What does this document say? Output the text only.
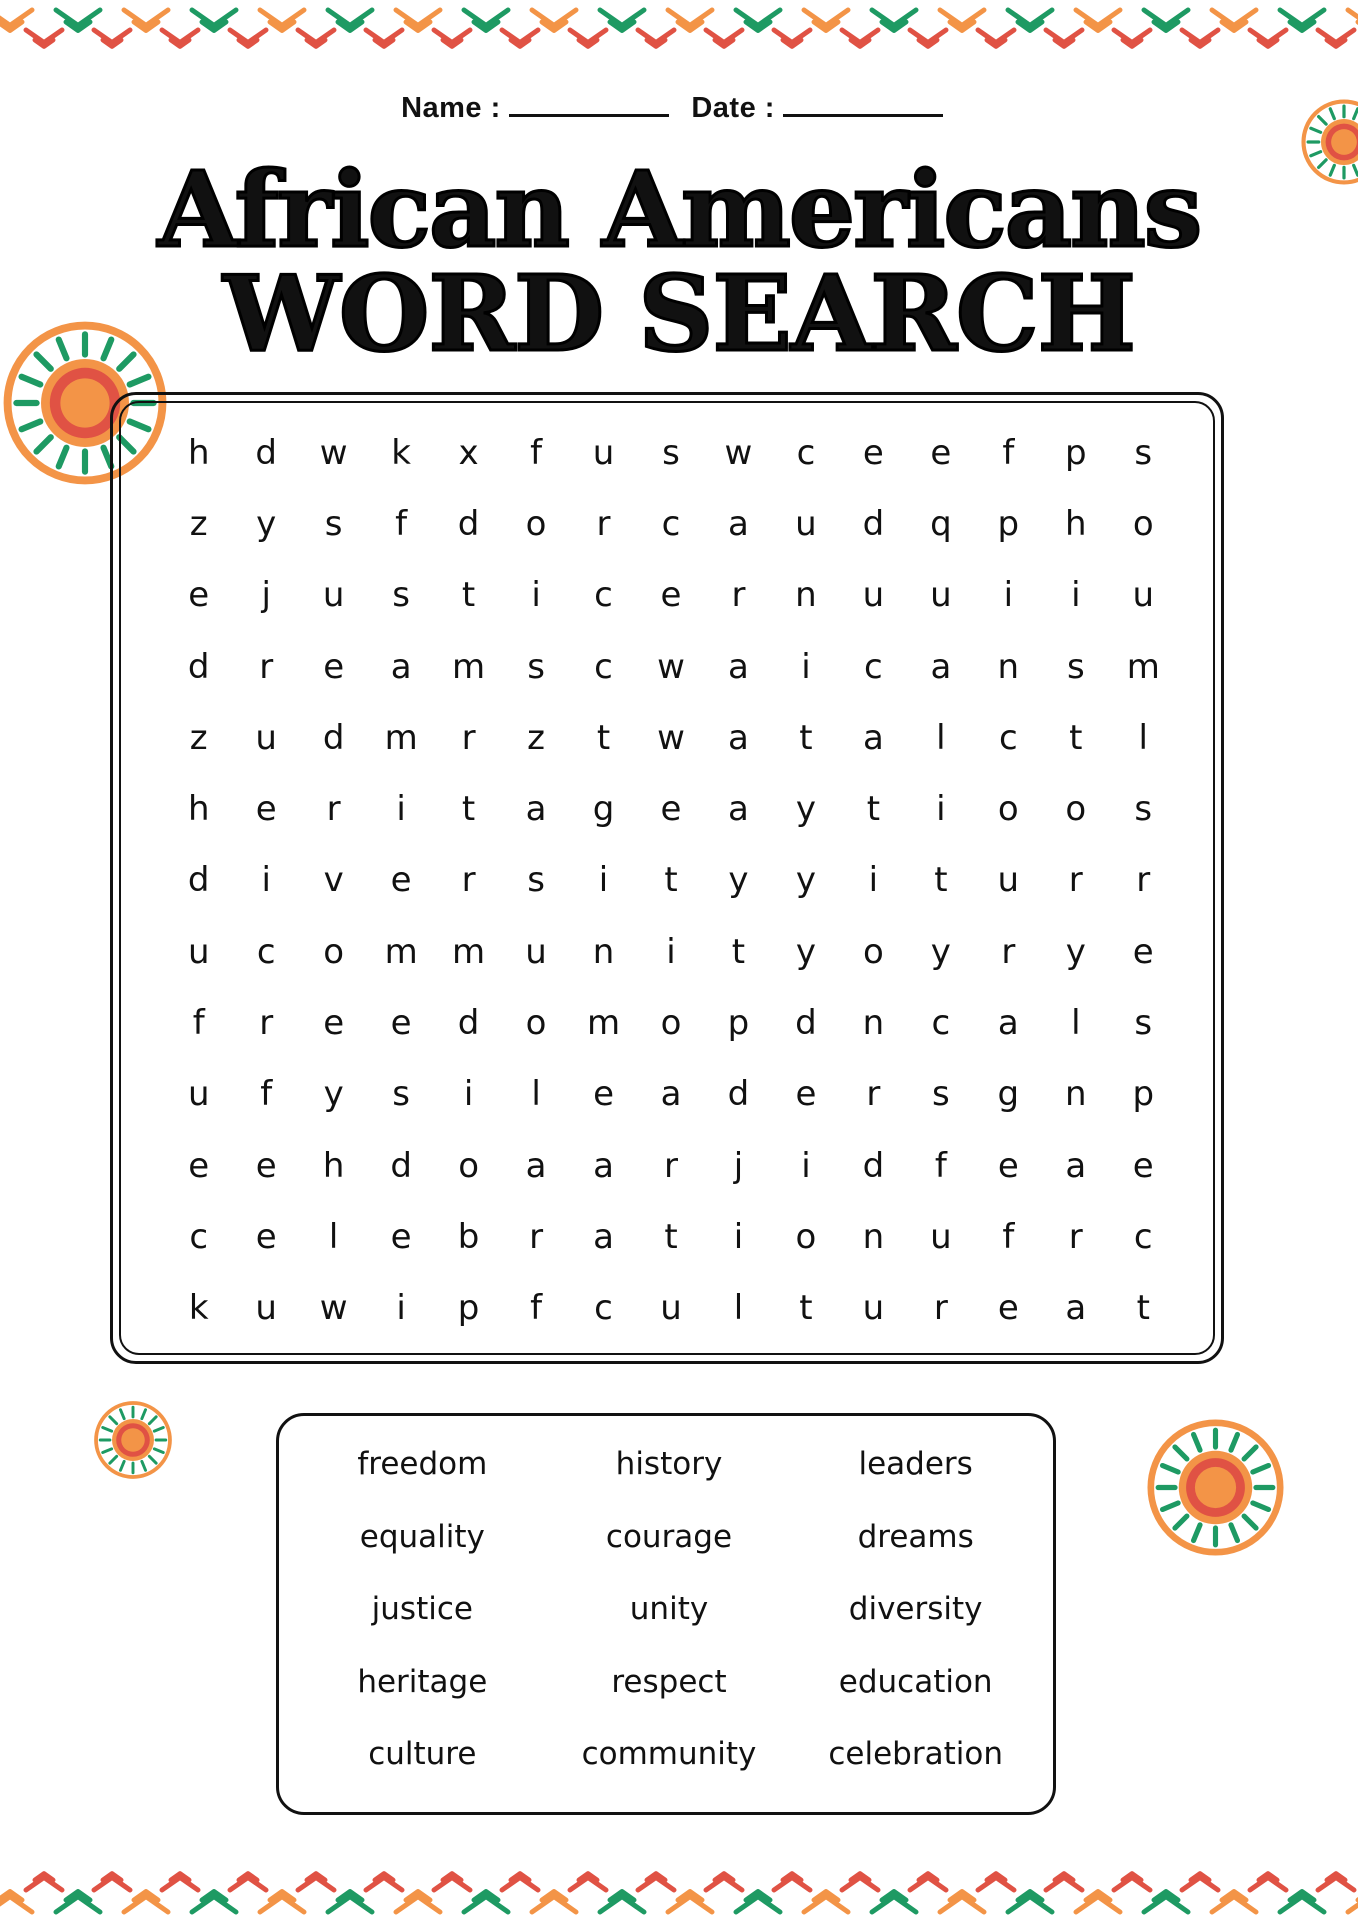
Name :	Date :
African Americans
WORD SEARCH
h	d	w	k	x	f	u	s	w	c	e	e	f	p	s
z	y	s	f	d	o	r	c	a	u	d	q	p	h	o
e	j	u	s	t	i	c	e	r	n	u	u	i	i	u
d	r	e	a	m	s	c	w	a	i	c	a	n	s	m
z	u	d	m	r	z	t	w	a	t	a	l	c	t	l
h	e	r	i	t	a	g	e	a	y	t	i	o	o	s
d	i	v	e	r	s	i	t	y	y	i	t	u	r	r
u	c	o	m	m	u	n	i	t	y	o	y	r	y	e
f	r	e	e	d	o	m	o	p	d	n	c	a	l	s
u	f	y	s	i	l	e	a	d	e	r	s	g	n	p
e	e	h	d	o	a	a	r	j	i	d	f	e	a	e
c	e	l	e	b	r	a	t	i	o	n	u	f	r	c
k	u	w	i	p	f	c	u	l	t	u	r	e	a	t
freedom	history	leaders
equality	courage	dreams
justice	unity	diversity
heritage	respect	education
culture	community	celebration
